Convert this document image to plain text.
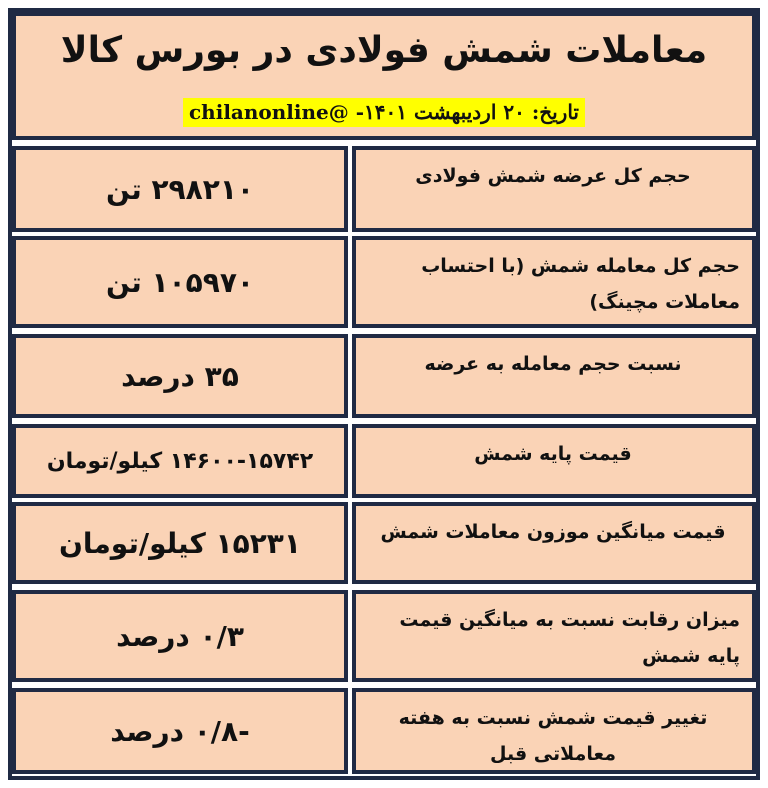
معاملات شمش فولادی در بورس کالا
تاریخ: ۲۰ اردیبهشت ۱۴۰۱- @chilanonline
حجم کل عرضه شمش فولادی
۲۹۸۲۱۰ تن
حجم کل معامله شمش (با احتساب معاملات مچینگ)
۱۰۵۹۷۰ تن
نسبت حجم معامله به عرضه
۳۵ درصد
قیمت پایه شمش
۱۴۶۰۰-۱۵۷۴۲ کیلو/تومان
قیمت میانگین موزون معاملات شمش
۱۵۲۳۱ کیلو/تومان
میزان رقابت نسبت به میانگین قیمت پایه شمش
۰/۳ درصد
تغییر قیمت شمش نسبت به هفته معاملاتی قبل
-۰/۸ درصد
